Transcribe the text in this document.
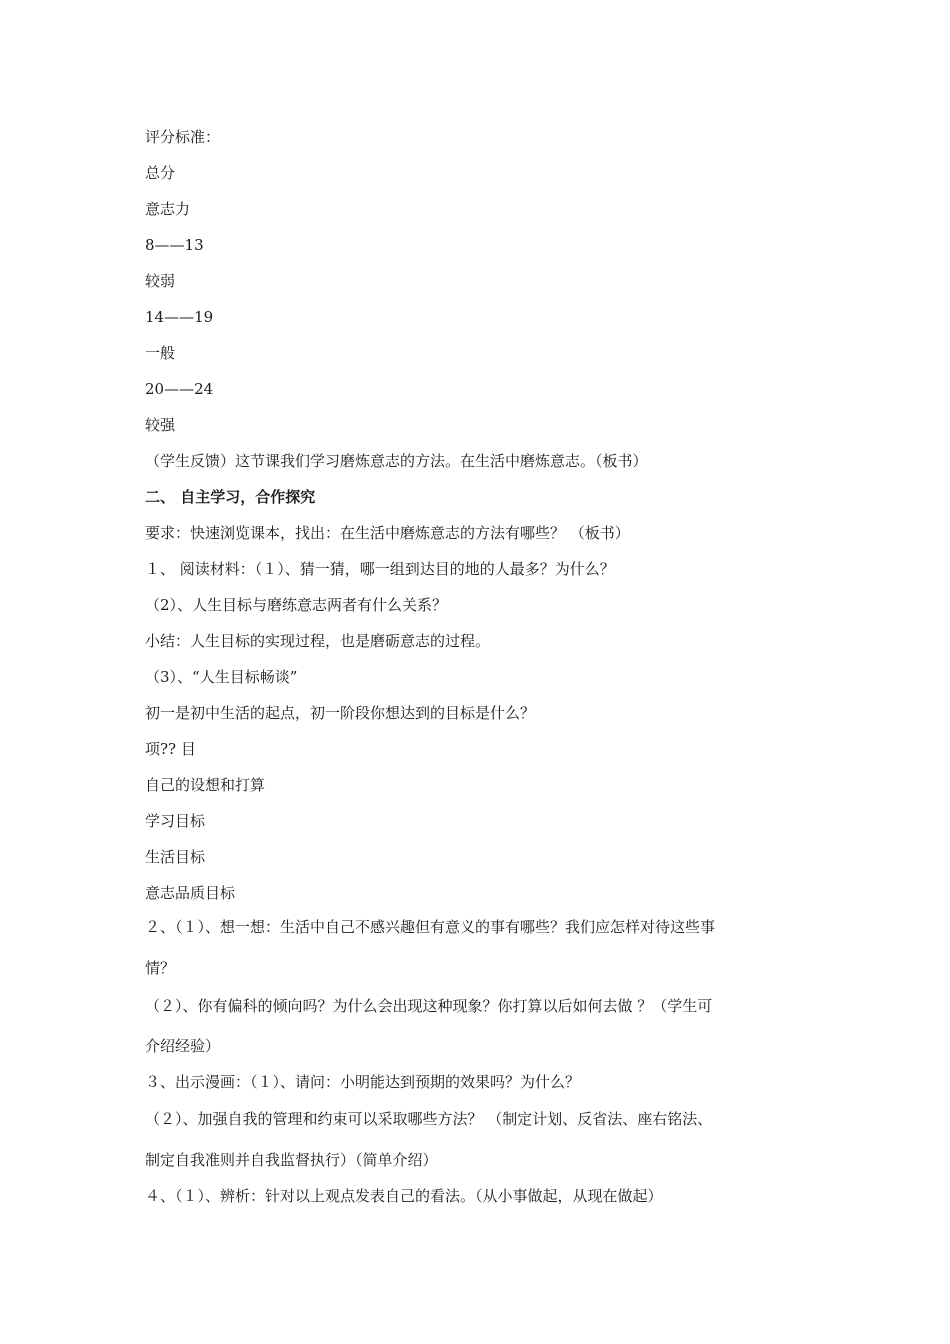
评分标准：

总分

意志力

8——13

较弱

14——19

一般

20——24

较强

（学生反馈）这节课我们学习磨炼意志的方法。在生活中磨炼意志。（板书）

二、 自主学习，合作探究

要求：快速浏览课本，找出：在生活中磨炼意志的方法有哪些？ （板书）

１、 阅读材料：（１）、猜一猜，哪一组到达目的地的人最多？为什么？

（2）、人生目标与磨练意志两者有什么关系？

小结：人生目标的实现过程，也是磨砺意志的过程。

（3）、“人生目标畅谈”

初一是初中生活的起点，初一阶段你想达到的目标是什么？

项?? 目

自己的设想和打算

学习目标

生活目标

意志品质目标

２、（１）、想一想：生活中自己不感兴趣但有意义的事有哪些？我们应怎样对待这些事

情？

（２）、你有偏科的倾向吗？为什么会出现这种现象？你打算以后如何去做 ？（学生可

介绍经验）

３、出示漫画：（１）、请问：小明能达到预期的效果吗？为什么？

（２）、加强自我的管理和约束可以采取哪些方法？ （制定计划、反省法、座右铭法、

制定自我准则并自我监督执行）（简单介绍）

４、（１）、辨析：针对以上观点发表自己的看法。（从小事做起，从现在做起）
